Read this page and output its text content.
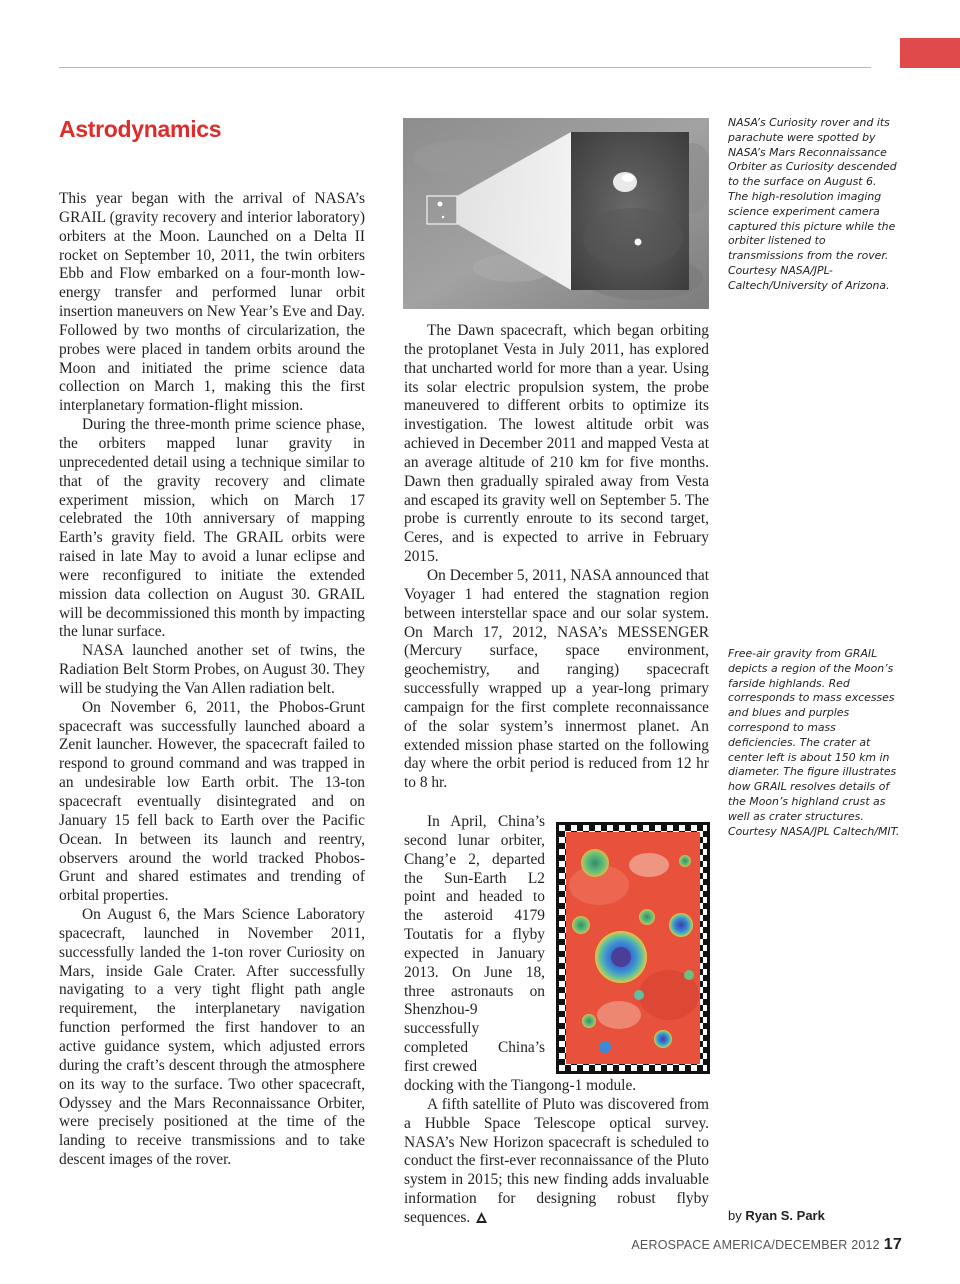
Astrodynamics

This year began with the arrival of NASA’s GRAIL (gravity recovery and interior laboratory) orbiters at the Moon. Launched on a Delta II rocket on September 10, 2011, the twin orbiters Ebb and Flow embarked on a four-month low-energy transfer and performed lunar orbit insertion maneuvers on New Year’s Eve and Day. Followed by two months of circularization, the probes were placed in tandem orbits around the Moon and initiated the prime science data collection on March 1, making this the first interplanetary formation-flight mission.

During the three-month prime science phase, the orbiters mapped lunar gravity in unprecedented detail using a technique similar to that of the gravity recovery and climate experiment mission, which on March 17 celebrated the 10th anniversary of mapping Earth’s gravity field. The GRAIL orbits were raised in late May to avoid a lunar eclipse and were reconfigured to initiate the extended mission data collection on August 30. GRAIL will be decommissioned this month by impacting the lunar surface.

NASA launched another set of twins, the Radiation Belt Storm Probes, on August 30. They will be studying the Van Allen radiation belt.

On November 6, 2011, the Phobos-Grunt spacecraft was successfully launched aboard a Zenit launcher. However, the spacecraft failed to respond to ground command and was trapped in an undesirable low Earth orbit. The 13-ton spacecraft eventually disintegrated and on January 15 fell back to Earth over the Pacific Ocean. In between its launch and reentry, observers around the world tracked Phobos-Grunt and shared estimates and trending of orbital properties.

On August 6, the Mars Science Laboratory spacecraft, launched in November 2011, successfully landed the 1-ton rover Curiosity on Mars, inside Gale Crater. After successfully navigating to a very tight flight path angle requirement, the interplanetary navigation function performed the first handover to an active guidance system, which adjusted errors during the craft’s descent through the atmosphere on its way to the surface. Two other spacecraft, Odyssey and the Mars Reconnaissance Orbiter, were precisely positioned at the time of the landing to receive transmissions and to take descent images of the rover.

The Dawn spacecraft, which began orbiting the protoplanet Vesta in July 2011, has explored that uncharted world for more than a year. Using its solar electric propulsion system, the probe maneuvered to different orbits to optimize its investigation. The lowest altitude orbit was achieved in December 2011 and mapped Vesta at an average altitude of 210 km for five months. Dawn then gradually spiraled away from Vesta and escaped its gravity well on September 5. The probe is currently enroute to its second target, Ceres, and is expected to arrive in February 2015.

On December 5, 2011, NASA announced that Voyager 1 had entered the stagnation region between interstellar space and our solar system. On March 17, 2012, NASA’s MESSENGER (Mercury surface, space environment, geochemistry, and ranging) spacecraft successfully wrapped up a year-long primary campaign for the first complete reconnaissance of the solar system’s innermost planet. An extended mission phase started on the following day where the orbit period is reduced from 12 hr to 8 hr.

In April, China’s second lunar orbiter, Chang’e 2, departed the Sun-Earth L2 point and headed to the asteroid 4179 Toutatis for a flyby expected in January 2013. On June 18, three astronauts on Shenzhou-9 successfully completed China’s first crewed

docking with the Tiangong-1 module.

A fifth satellite of Pluto was discovered from a Hubble Space Telescope optical survey. NASA’s New Horizon spacecraft is scheduled to conduct the first-ever reconnaissance of the Pluto system in 2015; this new finding adds invaluable information for designing robust flyby sequences.

NASA’s Curiosity rover and its parachute were spotted by NASA’s Mars Reconnaissance Orbiter as Curiosity descended to the surface on August 6. The high-resolution imaging science experiment camera captured this picture while the orbiter listened to transmissions from the rover. Courtesy NASA/JPL-Caltech/University of Arizona.
Free-air gravity from GRAIL depicts a region of the Moon’s farside highlands. Red corresponds to mass excesses and blues and purples correspond to mass deficiencies. The crater at center left is about 150 km in diameter. The figure illustrates how GRAIL resolves details of the Moon’s highland crust as well as crater structures. Courtesy NASA/JPL Caltech/MIT.
by Ryan S. Park
AEROSPACE AMERICA/DECEMBER 2012 17
